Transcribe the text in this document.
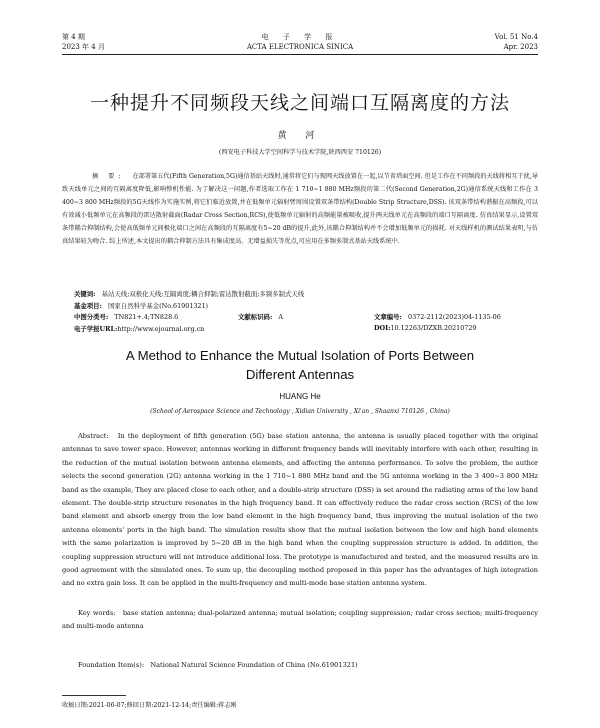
第 4 期
2023 年 4 月
电 子 学 报
ACTA ELECTRONICA SINICA
Vol. 51 No.4
Apr. 2023
一种提升不同频段天线之间端口互隔离度的方法
黄 河
(西安电子科技大学空间科学与技术学院,陕西西安 710126)
摘 要: 在部署第五代(Fifth Generation,5G)通信基站天线时,通常将它们与现网天线放置在一起,以节省塔面空间. 但是工作在不同频段的天线将相互干扰,导致天线单元之间的互隔离度降低,影响整机性能. 为了解决这一问题,作者选取工作在 1 710~1 880 MHz频段的第二代(Second Generation,2G)通信系统天线和工作在 3 400~3 800 MHz频段的5G天线作为实施实例,将它们临近放置,并在低频单元辐射臂周围设置双条带结构(Double Strip Structure,DSS). 该双条带结构谐振在高频段,可以有效减小低频单元在高频段的雷达散射截面(Radar Cross Section,RCS),使低频单元辐射的高频能量被吸收,提升两天线单元在高频段的端口互隔离度. 仿真结果显示,设置双条带耦合抑制结构,会使高低频单元间极化端口之间在高频段的互隔离度有5~20 dB的提升,此外,该耦合抑制结构并不会增加低频单元的损耗. 对天线样机的测试结果表明,与仿真结果较为吻合. 综上所述,本文提出的耦合抑制方法具有集成度高、无增益损失等优点,可应用在多频多制式基站天线系统中.
关键词: 基站天线;双极化天线;互隔离度;耦合抑制;雷达散射截面;多频多制式天线
基金项目: 国家自然科学基金(No.61901321)
中图分类号: TN821+.4;TN828.6	文献标识码: A	文章编号: 0372-2112(2023)04-1135-06
电子学报URL:http://www.ejournal.org.cn	DOI:10.12263/DZXB.20210729
A Method to Enhance the Mutual Isolation of Ports Between
Different Antennas
HUANG He
(School of Aerospace Science and Technology , Xidian University , Xi'an , Shaanxi 710126 , China)
Abstract: In the deployment of fifth generation (5G) base station antenna, the antenna is usually placed together with the original antennas to save tower space. However, antennas working in different frequency bands will inevitably interfere with each other, resulting in the reduction of the mutual isolation between antenna elements, and affecting the antenna performance. To solve the problem, the author selects the second generation (2G) antenna working in the 1 710~1 880 MHz band and the 5G antenna working in the 3 400~3 800 MHz band as the example, They are placed close to each other, and a double-strip structure (DSS) is set around the radiating arms of the low band element. The double-strip structure resonates in the high frequency band. It can effectively reduce the radar cross section (RCS) of the low band element and absorb energy from the low band element in the high frequency band, thus improving the mutual isolation of the two antenna elements' ports in the high band. The simulation results show that the mutual isolation between the low and high band elements with the same polarization is improved by 5~20 dB in the high band when the coupling suppression structure is added. In addition, the coupling suppression structure will not introduce additional loss. The prototype is manufactured and tested, and the measured results are in good agreement with the simulated ones. To sum up, the decoupling method proposed in this paper has the advantages of high integration and no extra gain loss. It can be applied in the multi-frequency and multi-mode base station antenna system.
Key words: base station antenna; dual-polarized antenna; mutual isolation; coupling suppression; radar cross section; multi-frequency and multi-mode antenna
Foundation Item(s): National Natural Science Foundation of China (No.61901321)
收稿日期:2021-06-07;修回日期:2021-12-14;责任编辑:蒋志刚
